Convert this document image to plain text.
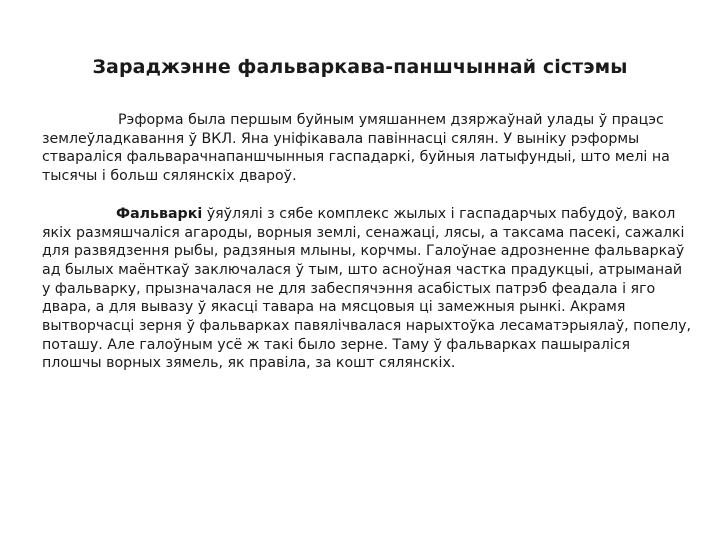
Зараджэнне фальваркава-паншчыннай сістэмы

Рэформа была першым буйным умяшаннем дзяржаўнай улады ў працэс землеўладкавання ў ВКЛ. Яна уніфікавала павіннасці сялян. У выніку рэформы ствараліся фальварачнапаншчынныя гаспадаркі, буйныя латыфундыі, што мелі на тысячы і больш сялянскіх двароў.

Фальваркі ўяўлялі з сябе комплекс жылых і гаспадарчых пабудоў, вакол якіх размяшчаліся агароды, ворныя землі, сенажаці, лясы, а таксама пасекі, сажалкі для развядзення рыбы, радзяныя млыны, корчмы. Галоўнае адрозненне фальваркаў ад былых маёнткаў заключалася ў тым, што асноўная частка прадукцыі, атрыманай у фальварку, прызначалася не для забеспячэння асабістых патрэб феадала і яго двара, а для вывазу ў якасці тавара на мясцовыя ці замежныя рынкі. Акрамя вытворчасці зерня ў фальварках павялічвалася нарыхтоўка лесаматэрыялаў, попелу, поташу. Але галоўным усё ж такі было зерне. Таму ў фальварках пашыраліся плошчы ворных зямель, як правіла, за кошт сялянскіх.
